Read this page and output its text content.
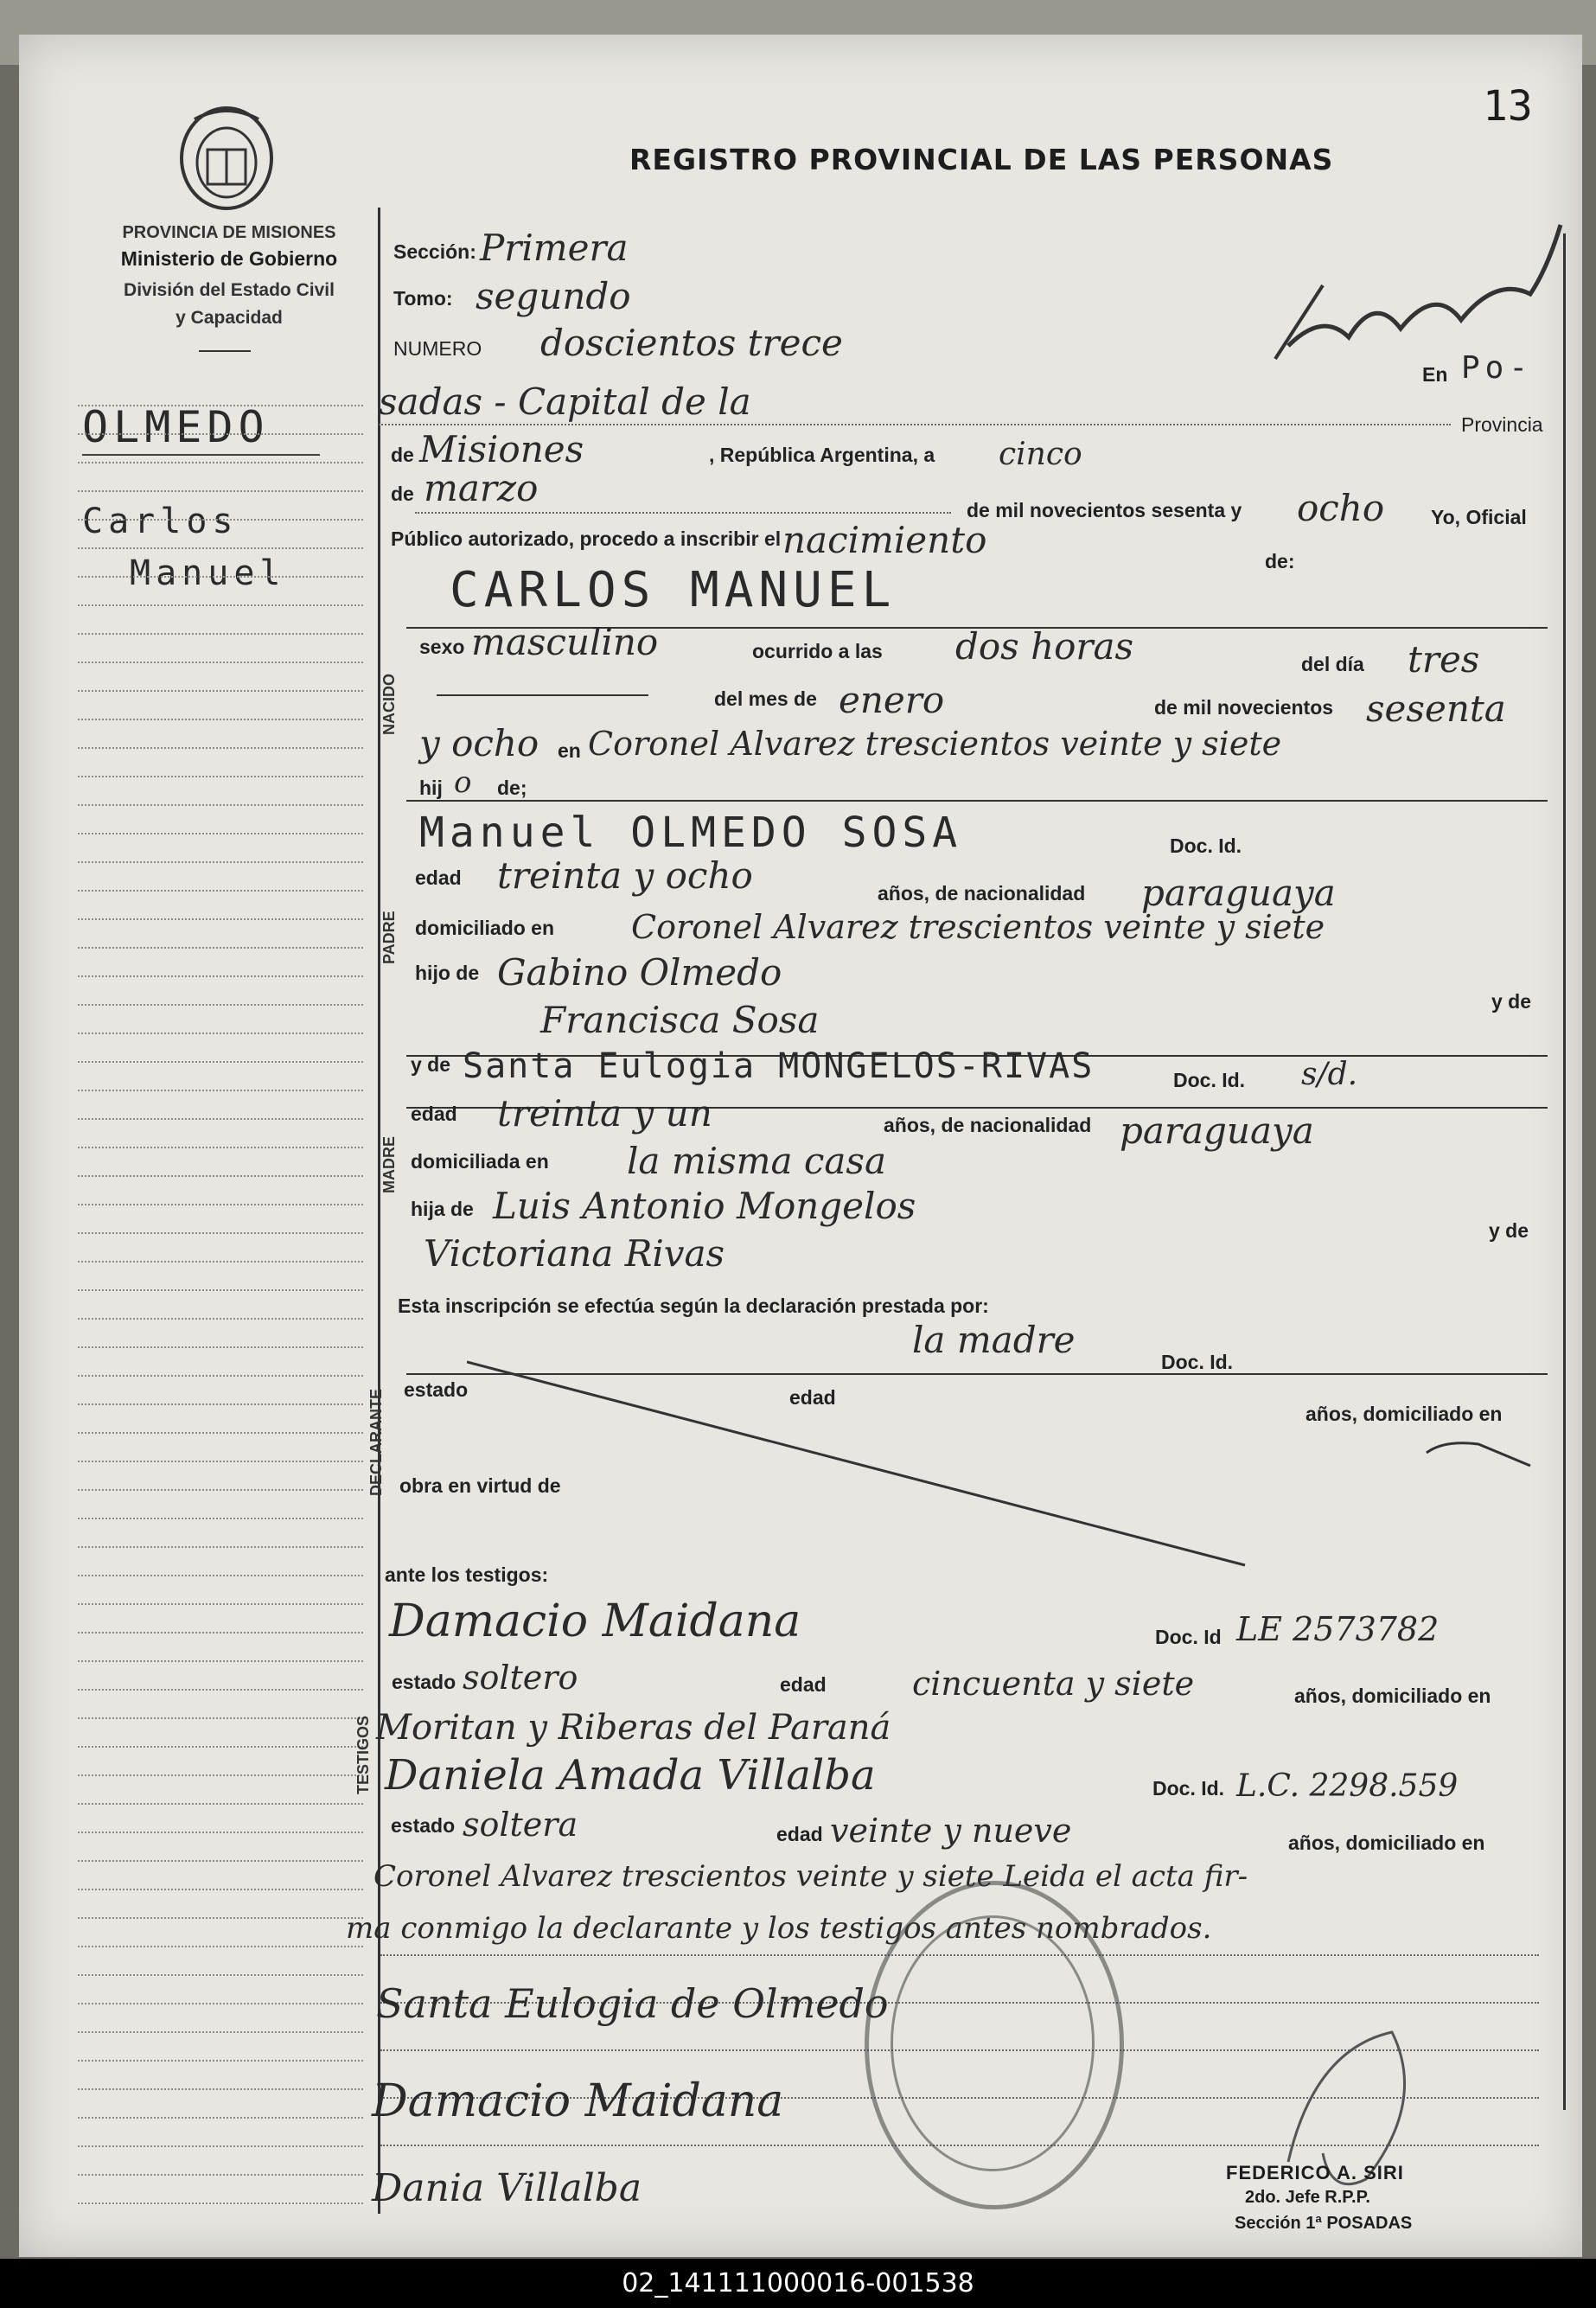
13
REGISTRO PROVINCIAL DE LAS PERSONAS
PROVINCIA DE MISIONES
Ministerio de Gobierno
División del Estado Civil
y Capacidad
OLMEDO
Carlos
Manuel
Sección: Primera
Tomo: segundo
NUMERO doscientos trece
En Po-
sadas - Capital de la
Provincia
de Misiones	, República Argentina, a cinco
de marzo
de mil novecientos sesenta y ocho Yo, Oficial
Público autorizado, procedo a inscribir el nacimiento	de:
NACIDO
CARLOS MANUEL
sexo masculino	ocurrido a las dos horas	del día tres
del mes de enero	de mil novecientos sesenta
y ocho en Coronel Alvarez trescientos veinte y siete
hij o de;
PADRE
Manuel OLMEDO SOSA	Doc. Id.
edad treinta y ocho	años, de nacionalidad paraguaya
domiciliado en Coronel Alvarez trescientos veinte y siete
hijo de Gabino Olmedo
y de
Francisca Sosa
MADRE
y de Santa Eulogia MONGELOS-RIVAS	Doc. Id. s/d.
edad treinta y un	años, de nacionalidad paraguaya
domiciliada en la misma casa
hija de Luis Antonio Mongelos
y de
Victoriana Rivas
Esta inscripción se efectúa según la declaración prestada por:
DECLARANTE
la madre
Doc. Id.
estado	edad
años, domiciliado en
obra en virtud de
ante los testigos:
TESTIGOS
Damacio Maidana	Doc. Id LE 2573782
estado soltero	edad	cincuenta y siete	años, domiciliado en
Moritan y Riberas del Paraná
Daniela Amada Villalba	Doc. Id. L.C. 2298.559
estado soltera	edad veinte y nueve	años, domiciliado en
Coronel Alvarez trescientos veinte y siete Leida el acta fir-
ma conmigo la declarante y los testigos antes nombrados.
Santa Eulogia de Olmedo
Damacio Maidana
Dania Villalba	FEDERICO A. SIRI
2do. Jefe R.P.P.
Sección 1ª POSADAS
02_141111000016-001538
